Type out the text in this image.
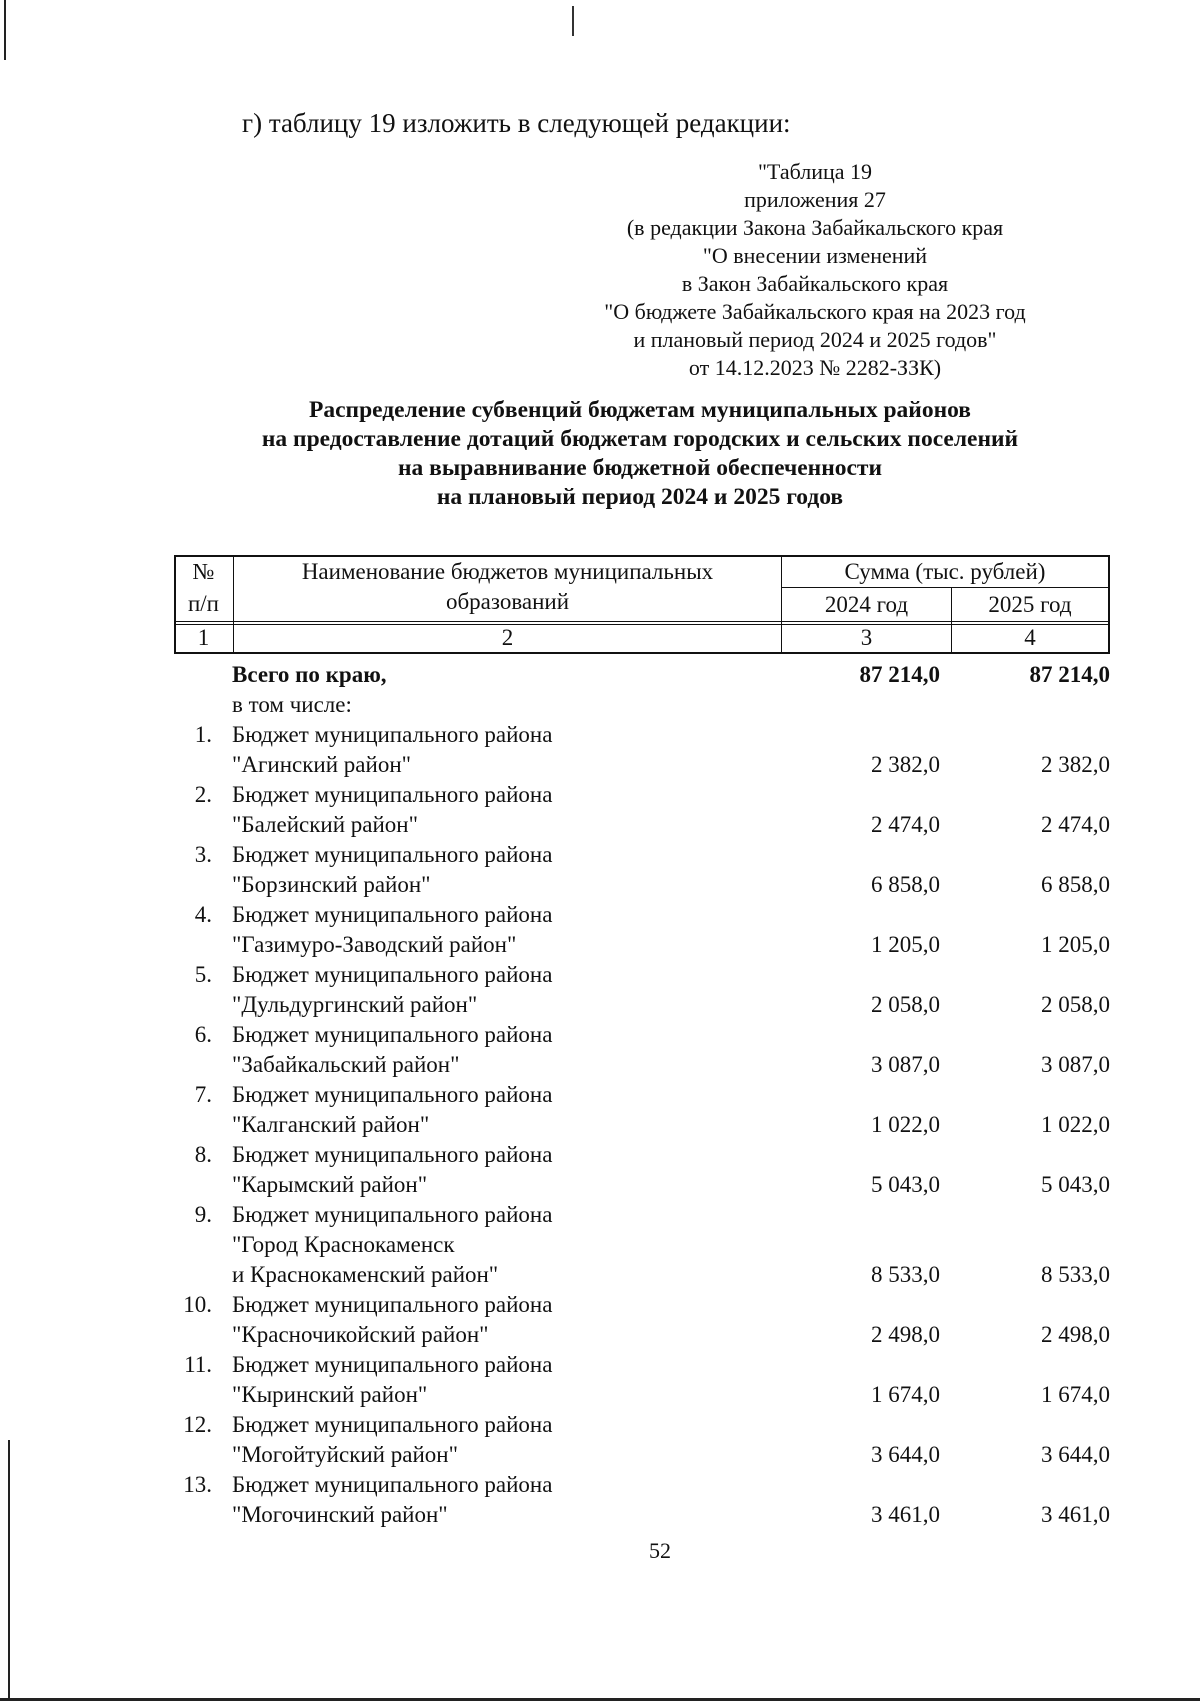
г) таблицу 19 изложить в следующей редакции:
"Таблица 19
приложения 27
(в редакции Закона Забайкальского края
"О внесении изменений
в Закон Забайкальского края
"О бюджете Забайкальского края на 2023 год
и плановый период 2024 и 2025 годов"
от 14.12.2023 № 2282-ЗЗК)
Распределение субвенций бюджетам муниципальных районов
на предоставление дотаций бюджетам городских и сельских поселений
на выравнивание бюджетной обеспеченности
на плановый период 2024 и 2025 годов
№
п/п
Наименование бюджетов муниципальных
образований
Сумма (тыс. рублей)
2024 год	2025 год
1	2	3	4
Всего по краю,	87 214,0	87 214,0
в том числе:
1. Бюджет муниципального района
"Агинский район"	2 382,0	2 382,0
2. Бюджет муниципального района
"Балейский район"	2 474,0	2 474,0
3. Бюджет муниципального района
"Борзинский район"	6 858,0	6 858,0
4. Бюджет муниципального района
"Газимуро-Заводский район"	1 205,0	1 205,0
5. Бюджет муниципального района
"Дульдургинский район"	2 058,0	2 058,0
6. Бюджет муниципального района
"Забайкальский район"	3 087,0	3 087,0
7. Бюджет муниципального района
"Калганский район"	1 022,0	1 022,0
8. Бюджет муниципального района
"Карымский район"	5 043,0	5 043,0
9. Бюджет муниципального района
"Город Краснокаменск
и Краснокаменский район"	8 533,0	8 533,0
10. Бюджет муниципального района
"Красночикойский район"	2 498,0	2 498,0
11. Бюджет муниципального района
"Кыринский район"	1 674,0	1 674,0
12. Бюджет муниципального района
"Могойтуйский район"	3 644,0	3 644,0
13. Бюджет муниципального района
"Могочинский район"	3 461,0	3 461,0
52
